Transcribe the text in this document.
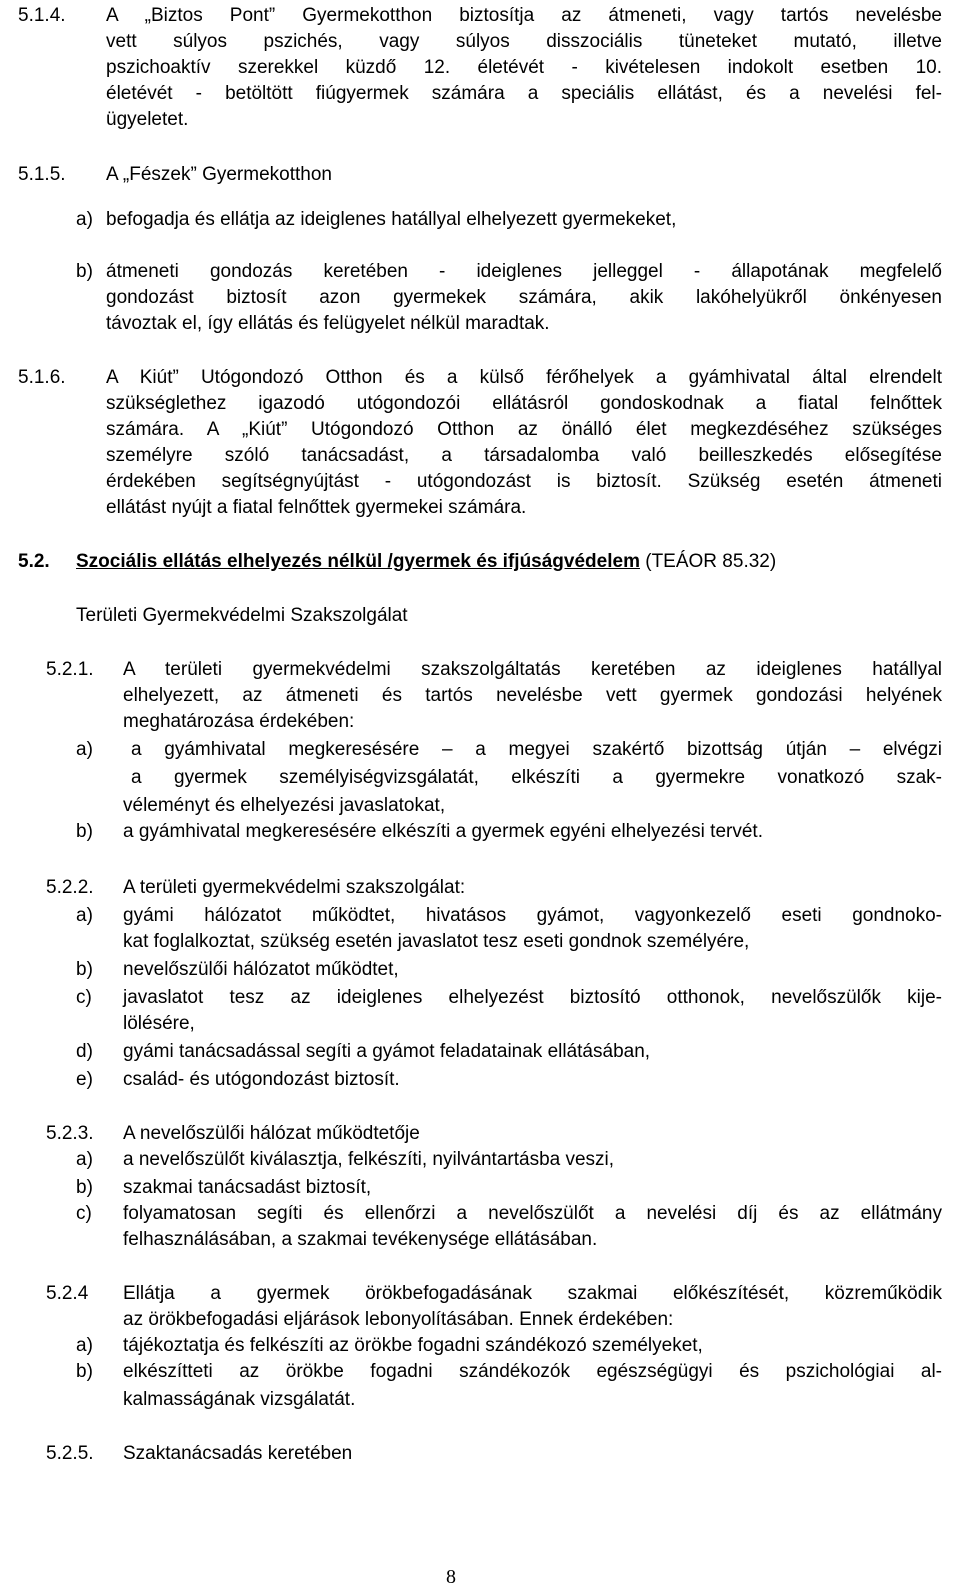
5.1.4. A „Biztos Pont” Gyermekotthon biztosítja az átmeneti, vagy tartós nevelésbe
vett súlyos pszichés, vagy súlyos disszociális tüneteket mutató, illetve
pszichoaktív szerekkel küzdő 12. életévét - kivételesen indokolt esetben 10.
életévét - betöltött fiúgyermek számára a speciális ellátást, és a nevelési fel-
ügyeletet.
5.1.5. A „Fészek” Gyermekotthon
a) befogadja és ellátja az ideiglenes hatállyal elhelyezett gyermekeket,
b) átmeneti gondozás keretében - ideiglenes jelleggel - állapotának megfelelő
gondozást biztosít azon gyermekek számára, akik lakóhelyükről önkényesen
távoztak el, így ellátás és felügyelet nélkül maradtak.
5.1.6. A Kiút” Utógondozó Otthon és a külső férőhelyek a gyámhivatal által elrendelt
szükséglethez igazodó utógondozói ellátásról gondoskodnak a fiatal felnőttek
számára. A „Kiút” Utógondozó Otthon az önálló élet megkezdéséhez szükséges
személyre szóló tanácsadást, a társadalomba való beilleszkedés elősegítése
érdekében segítségnyújtást - utógondozást is biztosít. Szükség esetén átmeneti
ellátást nyújt a fiatal felnőttek gyermekei számára.
5.2. Szociális ellátás elhelyezés nélkül /gyermek és ifjúságvédelem (TEÁOR 85.32)
Területi Gyermekvédelmi Szakszolgálat
5.2.1. A területi gyermekvédelmi szakszolgáltatás keretében az ideiglenes hatállyal
elhelyezett, az átmeneti és tartós nevelésbe vett gyermek gondozási helyének
meghatározása érdekében:
a) a gyámhivatal megkeresésére – a megyei szakértő bizottság útján – elvégzi
a gyermek személyiségvizsgálatát, elkészíti a gyermekre vonatkozó szak-
véleményt és elhelyezési javaslatokat,
b) a gyámhivatal megkeresésére elkészíti a gyermek egyéni elhelyezési tervét.
5.2.2. A területi gyermekvédelmi szakszolgálat:
a) gyámi hálózatot működtet, hivatásos gyámot, vagyonkezelő eseti gondnoko-
kat foglalkoztat, szükség esetén javaslatot tesz eseti gondnok személyére,
b) nevelőszülői hálózatot működtet,
c) javaslatot tesz az ideiglenes elhelyezést biztosító otthonok, nevelőszülők kije-
lölésére,
d) gyámi tanácsadással segíti a gyámot feladatainak ellátásában,
e) család- és utógondozást biztosít.
5.2.3. A nevelőszülői hálózat működtetője
a) a nevelőszülőt kiválasztja, felkészíti, nyilvántartásba veszi,
b) szakmai tanácsadást biztosít,
c) folyamatosan segíti és ellenőrzi a nevelőszülőt a nevelési díj és az ellátmány
felhasználásában, a szakmai tevékenysége ellátásában.
5.2.4 Ellátja a gyermek örökbefogadásának szakmai előkészítését, közreműködik
az örökbefogadási eljárások lebonyolításában. Ennek érdekében:
a) tájékoztatja és felkészíti az örökbe fogadni szándékozó személyeket,
b) elkészítteti az örökbe fogadni szándékozók egészségügyi és pszichológiai al-
kalmasságának vizsgálatát.
5.2.5. Szaktanácsadás keretében
8
